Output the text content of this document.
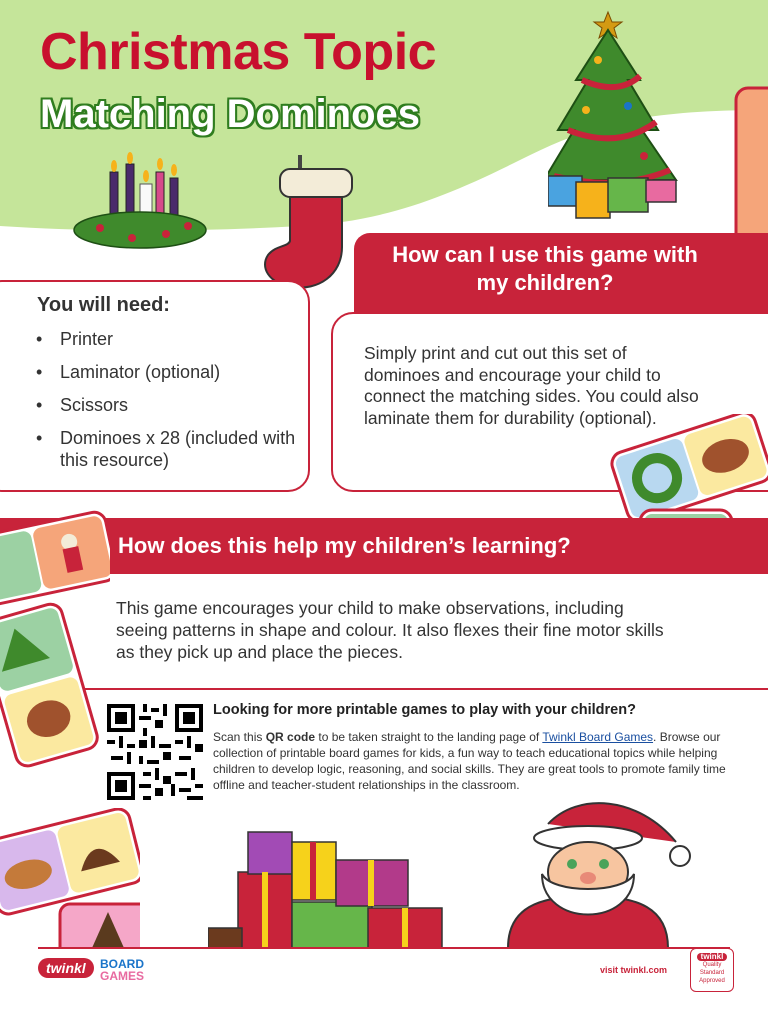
Christmas Topic
Matching Dominoes
You will need:
• Printer
• Laminator (optional)
• Scissors
• Dominoes x 28 (included with this resource)
How can I use this game with my children?
Simply print and cut out this set of dominoes and encourage your child to connect the matching sides. You could also laminate them for durability (optional).
How does this help my children’s learning?
This game encourages your child to make observations, including seeing patterns in shape and colour. It also flexes their fine motor skills as they pick up and place the pieces.
Looking for more printable games to play with your children?
Scan this QR code to be taken straight to the landing page of Twinkl Board Games. Browse our collection of printable board games for kids, a fun way to teach educational topics while helping children to develop logic, reasoning, and social skills. They are great tools to promote family time offline and teacher-student relationships in the classroom.
twinkl	BOARD
GAMES	visit twinkl.com
twinkl
Quality Standard
Approved
